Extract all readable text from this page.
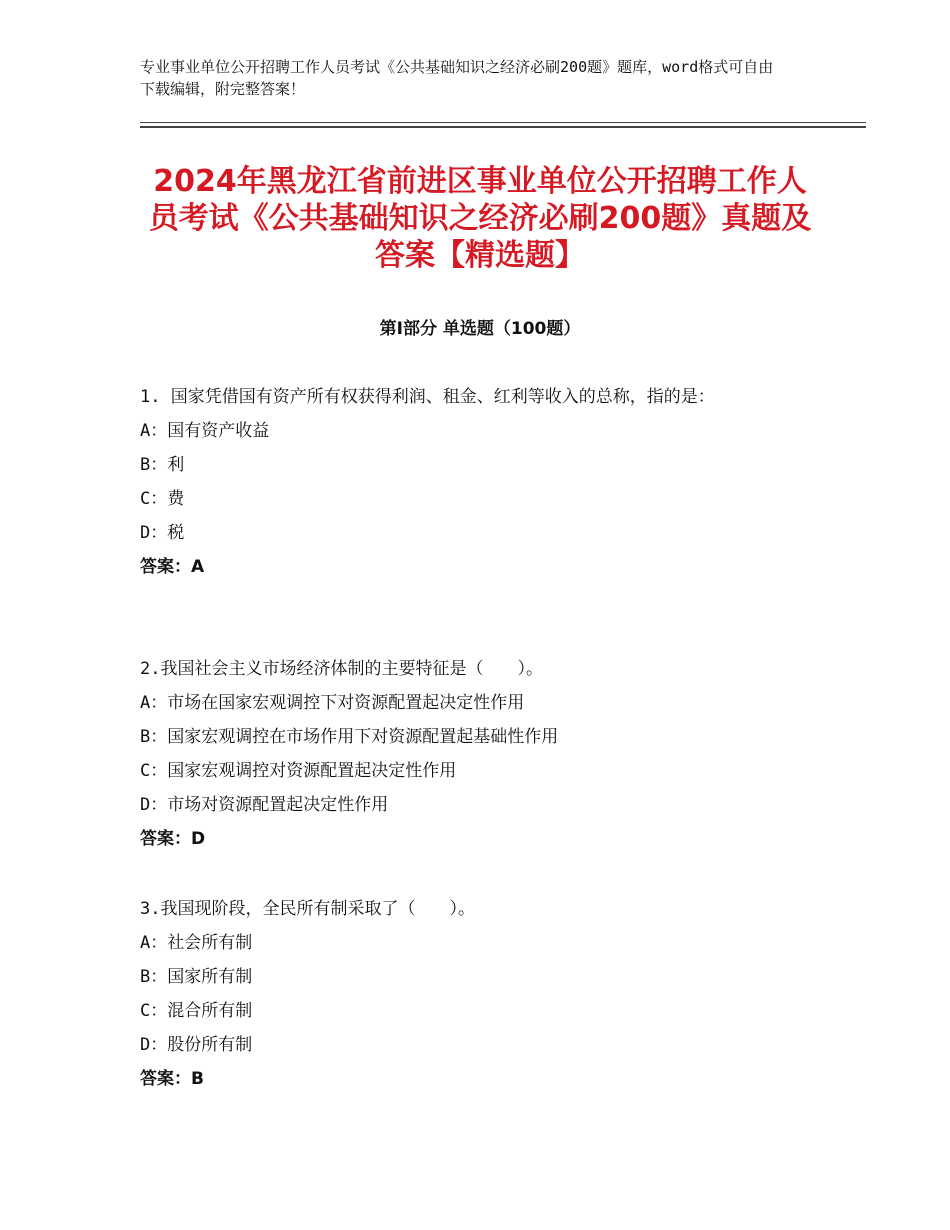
专业事业单位公开招聘工作人员考试《公共基础知识之经济必刷200题》题库，word格式可自由下载编辑，附完整答案！
2024年黑龙江省前进区事业单位公开招聘工作人员考试《公共基础知识之经济必刷200题》真题及答案【精选题】
第Ⅰ部分 单选题（100题）

1. 国家凭借国有资产所有权获得利润、租金、红利等收入的总称，指的是：

A：国有资产收益

B：利

C：费

D：税

答案：A

2.我国社会主义市场经济体制的主要特征是（　　）。

A：市场在国家宏观调控下对资源配置起决定性作用

B：国家宏观调控在市场作用下对资源配置起基础性作用

C：国家宏观调控对资源配置起决定性作用

D：市场对资源配置起决定性作用

答案：D

3.我国现阶段，全民所有制采取了（　　）。

A：社会所有制

B：国家所有制

C：混合所有制

D：股份所有制

答案：B
